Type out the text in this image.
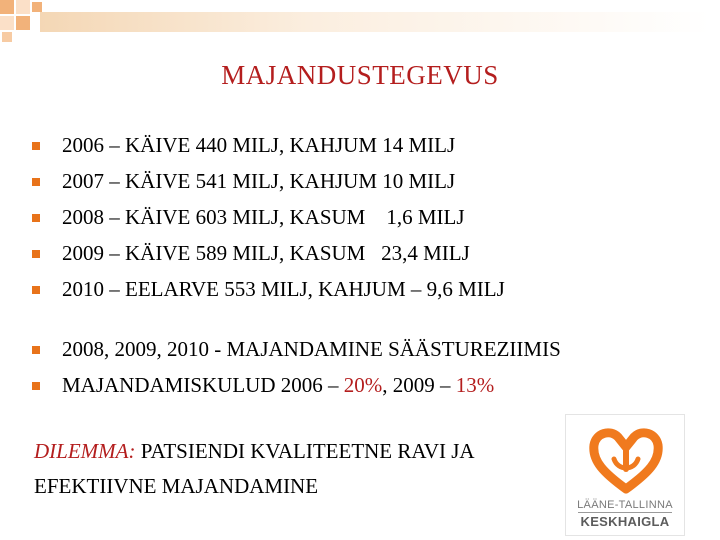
MAJANDUSTEGEVUS
2006 – KÄIVE 440 MILJ, KAHJUM 14 MILJ
2007 – KÄIVE 541 MILJ, KAHJUM 10 MILJ
2008 – KÄIVE 603 MILJ, KASUM    1,6 MILJ
2009 – KÄIVE 589 MILJ, KASUM   23,4 MILJ
2010 – EELARVE 553 MILJ, KAHJUM – 9,6 MILJ
2008, 2009, 2010 - MAJANDAMINE SÄÄSTUREZIIMIS
MAJANDAMISKULUD 2006 – 20%, 2009 – 13%
DILEMMA: PATSIENDI KVALITEETNE RAVI JA
EFEKTIIVNE MAJANDAMINE
LÄÄNE-TALLINNA
KESKHAIGLA
